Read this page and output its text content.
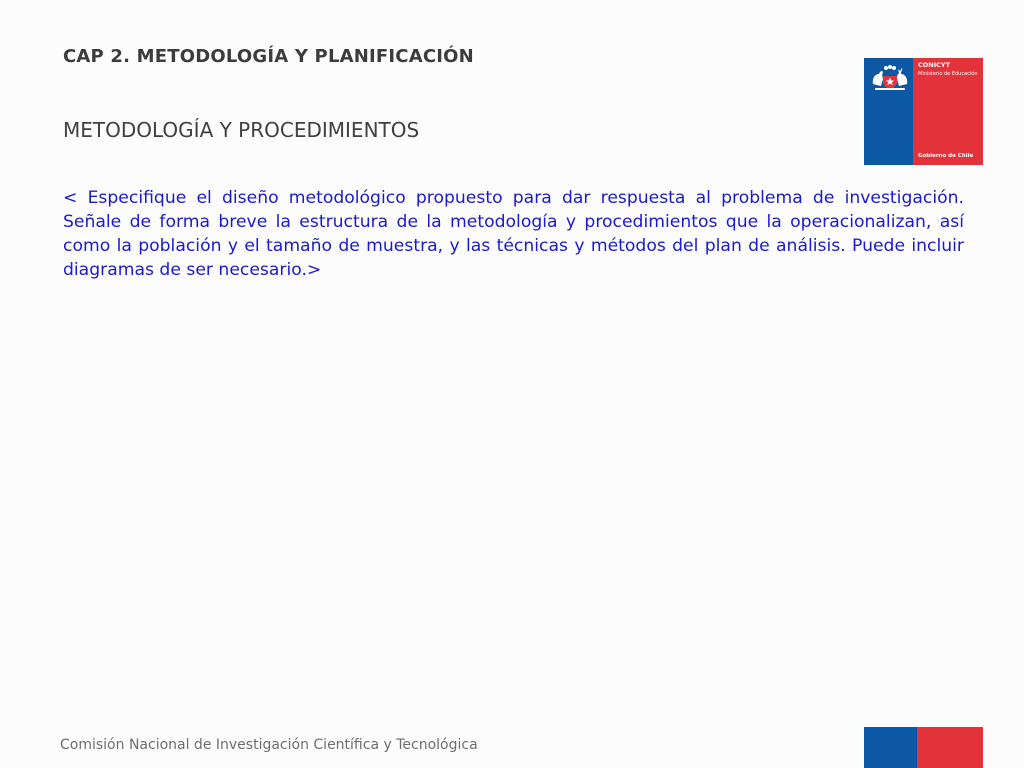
CAP 2. METODOLOGÍA Y PLANIFICACIÓN
METODOLOGÍA Y PROCEDIMIENTOS
< Especifique el diseño metodológico propuesto para dar respuesta al problema de investigación. Señale de forma breve la estructura de la metodología y procedimientos que la operacionalizan, así como la población y el tamaño de muestra, y las técnicas y métodos del plan de análisis. Puede incluir diagramas de ser necesario.>
CONICYT
Ministerio de Educación
Gobierno de Chile
Comisión Nacional de Investigación Científica y Tecnológica
